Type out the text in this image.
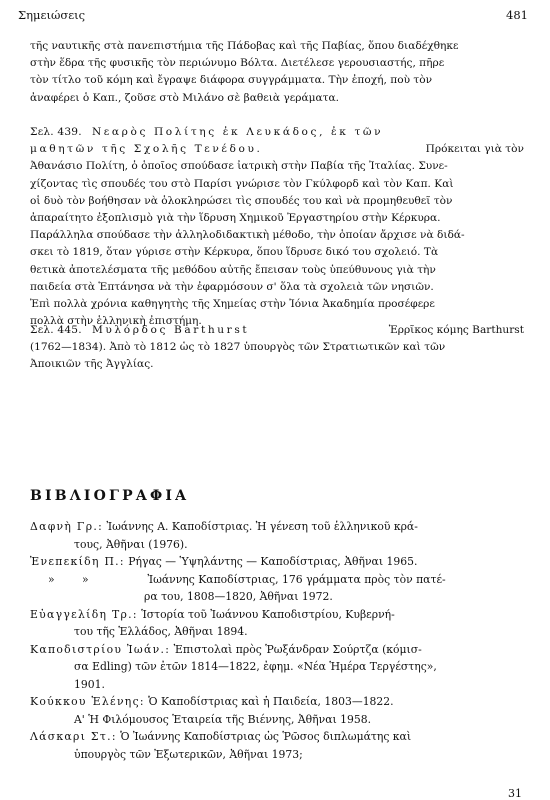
Σημειώσεις	481

τῆς ναυτικῆς στὰ πανεπιστήμια τῆς Πάδοβας καὶ τῆς Παβίας, ὅπου διαδέχθηκε

στὴν ἕδρα τῆς φυσικῆς τὸν περιώνυμο Βόλτα. Διετέλεσε γερουσιαστής, πῆρε

τὸν τίτλο τοῦ κόμη καὶ ἔγραψε διάφορα συγγράμματα. Τὴν ἐποχή, ποὺ τὸν

ἀναφέρει ὁ Καπ., ζοῦσε στὸ Μιλάνο σὲ βαθειὰ γεράματα.

Σελ. 439. Νεαρὸς Πολίτης ἐκ Λευκάδος, ἐκ τῶν

μαθητῶν τῆς Σχολῆς Τενέδου.	Πρόκειται γιὰ τὸν

Ἀθανάσιο Πολίτη, ὁ ὁποῖος σπούδασε ἰατρικὴ στὴν Παβία τῆς Ἰταλίας. Συνε-

χίζοντας τὶς σπουδές του στὸ Παρίσι γνώρισε τὸν Γκύλφορδ καὶ τὸν Καπ. Καὶ

οἱ δυὸ τὸν βοήθησαν νὰ ὁλοκληρώσει τὶς σπουδές του καὶ νὰ προμηθευθεῖ τὸν

ἀπαραίτητο ἐξοπλισμὸ γιὰ τὴν ἵδρυση Χημικοῦ Ἐργαστηρίου στὴν Κέρκυρα.

Παράλληλα σπούδασε τὴν ἀλληλοδιδακτικὴ μέθοδο, τὴν ὁποίαν ἄρχισε νὰ διδά-

σκει τὸ 1819, ὅταν γύρισε στὴν Κέρκυρα, ὅπου ἵδρυσε δικό του σχολειό. Τὰ

θετικὰ ἀποτελέσματα τῆς μεθόδου αὐτῆς ἔπεισαν τοὺς ὑπεύθυνους γιὰ τὴν

παιδεία στὰ Ἑπτάνησα νὰ τὴν ἐφαρμόσουν σ' ὅλα τὰ σχολειὰ τῶν νησιῶν.

Ἐπὶ πολλὰ χρόνια καθηγητὴς τῆς Χημείας στὴν Ἰόνια Ἀκαδημία προσέφερε

πολλὰ στὴν ἑλληνικὴ ἐπιστήμη.

Σελ. 445. Μυλόρδος Barthurst	Ἐρρῖκος κόμης Barthurst

(1762—1834). Ἀπὸ τὸ 1812 ὡς τὸ 1827 ὑπουργὸς τῶν Στρατιωτικῶν καὶ τῶν

Ἀποικιῶν τῆς Ἀγγλίας.

ΒΙΒΛΙΟΓΡΑΦΙΑ

Δαφνὴ Γρ.: Ἰωάννης Α. Καποδίστριας. Ἡ γένεση τοῦ ἑλληνικοῦ κρά-

τους, Ἀθῆναι (1976).

Ἐνεπεκίδη Π.: Ρήγας — Ὑψηλάντης — Καποδίστριας, Ἀθῆναι 1965.

»        »	Ἰωάννης Καποδίστριας, 176 γράμματα πρὸς τὸν πατέ-

ρα του, 1808—1820, Ἀθῆναι 1972.

Εὐαγγελίδη Τρ.: Ἱστορία τοῦ Ἰωάννου Καποδιστρίου, Κυβερνή-

του τῆς Ἑλλάδος, Ἀθῆναι 1894.

Καποδιστρίου Ἰωάν.: Ἐπιστολαὶ πρὸς Ῥωξάνδραν Σούρτζα (κόμισ-

σα Edling) τῶν ἐτῶν 1814—1822, ἐφημ. «Νέα Ἡμέρα Τεργέστης»,

1901.

Κούκκου Ἑλένης: Ὁ Καποδίστριας καὶ ἡ Παιδεία, 1803—1822.

Α' Ἡ Φιλόμουσος Ἑταιρεία τῆς Βιέννης, Ἀθῆναι 1958.

Λάσκαρι Στ.: Ὁ Ἰωάννης Καποδίστριας ὡς Ῥῶσος διπλωμάτης καὶ

ὑπουργὸς τῶν Ἐξωτερικῶν, Ἀθῆναι 1973;

31
